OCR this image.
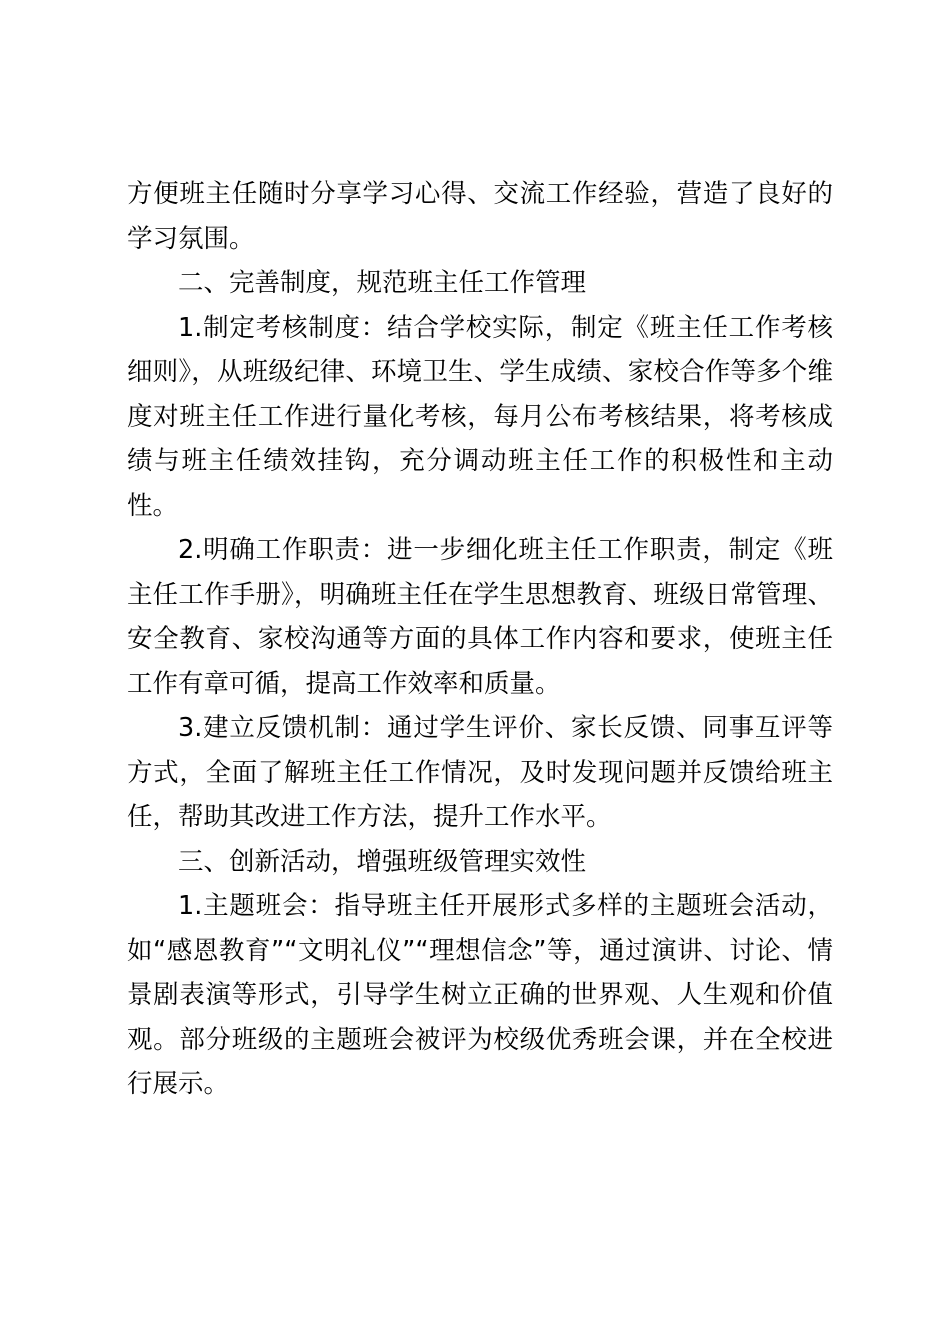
方便班主任随时分享学习心得、交流工作经验，营造了良好的学习氛围。

二、完善制度，规范班主任工作管理

1.制定考核制度：结合学校实际，制定《班主任工作考核细则》，从班级纪律、环境卫生、学生成绩、家校合作等多个维度对班主任工作进行量化考核，每月公布考核结果，将考核成绩与班主任绩效挂钩，充分调动班主任工作的积极性和主动性。

2.明确工作职责：进一步细化班主任工作职责，制定《班主任工作手册》，明确班主任在学生思想教育、班级日常管理、安全教育、家校沟通等方面的具体工作内容和要求，使班主任工作有章可循，提高工作效率和质量。

3.建立反馈机制：通过学生评价、家长反馈、同事互评等方式，全面了解班主任工作情况，及时发现问题并反馈给班主任，帮助其改进工作方法，提升工作水平。

三、创新活动，增强班级管理实效性

1.主题班会：指导班主任开展形式多样的主题班会活动，如“感恩教育”“文明礼仪”“理想信念”等，通过演讲、讨论、情景剧表演等形式，引导学生树立正确的世界观、人生观和价值观。部分班级的主题班会被评为校级优秀班会课，并在全校进行展示。
